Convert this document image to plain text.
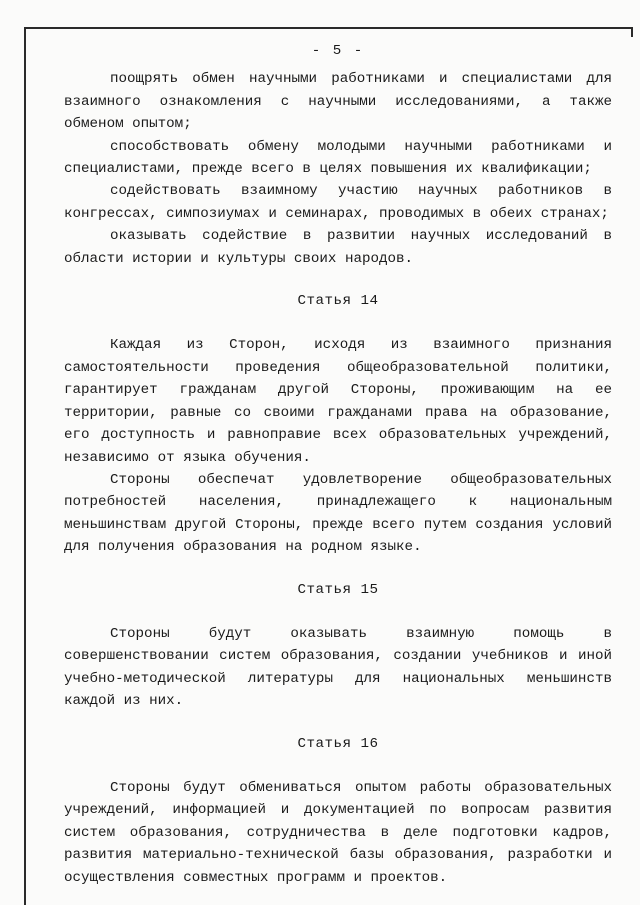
- 5 -

поощрять обмен научными работниками и специалистами для взаимного ознакомления с научными исследованиями, а также обменом опытом;

способствовать обмену молодыми научными работниками и специалистами, прежде всего в целях повышения их квалификации;

содействовать взаимному участию научных работников в конгрессах, симпозиумах и семинарах, проводимых в обеих странах;

оказывать содействие в развитии научных исследований в области истории и культуры своих народов.

Статья 14

Каждая из Сторон, исходя из взаимного признания самостоятельности проведения общеобразовательной политики, гарантирует гражданам другой Стороны, проживающим на ее территории, равные со своими гражданами права на образование, его доступность и равноправие всех образовательных учреждений, независимо от языка обучения.

Стороны обеспечат удовлетворение общеобразовательных потребностей населения, принадлежащего к национальным меньшинствам другой Стороны, прежде всего путем создания условий для получения образования на родном языке.

Статья 15

Стороны будут оказывать взаимную помощь в совершенствовании систем образования, создании учебников и иной учебно-методической литературы для национальных меньшинств каждой из них.

Статья 16

Стороны будут обмениваться опытом работы образовательных учреждений, информацией и документацией по вопросам развития систем образования, сотрудничества в деле подготовки кадров, развития материально-технической базы образования, разработки и осуществления совместных программ и проектов.
